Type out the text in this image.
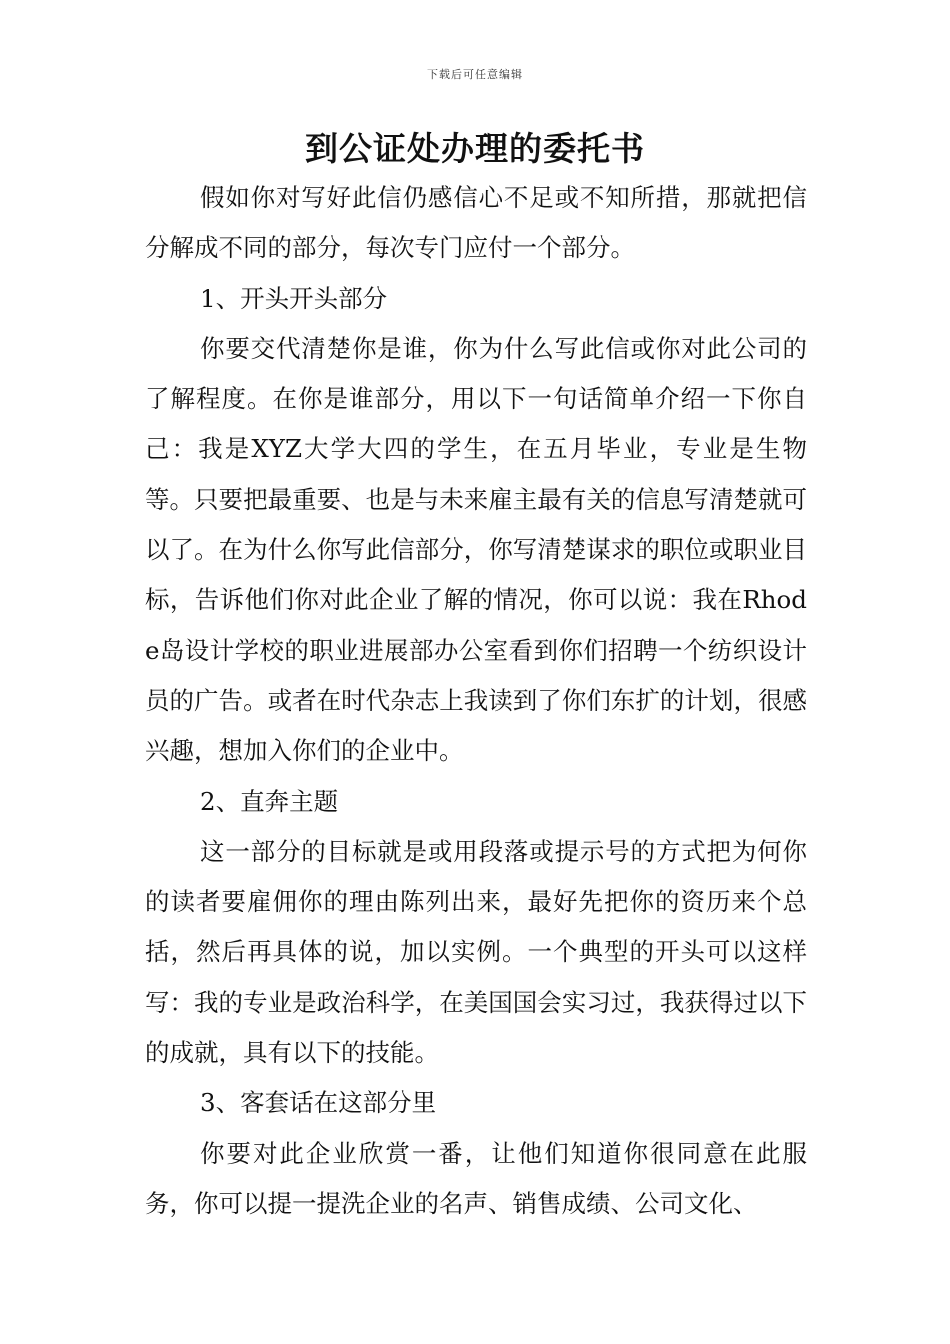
下载后可任意编辑
到公证处办理的委托书

假如你对写好此信仍感信心不足或不知所措，那就把信分解成不同的部分，每次专门应付一个部分。

1、开头开头部分

你要交代清楚你是谁，你为什么写此信或你对此公司的了解程度。在你是谁部分，用以下一句话简单介绍一下你自己：我是XYZ大学大四的学生，在五月毕业，专业是生物等。只要把最重要、也是与未来雇主最有关的信息写清楚就可以了。在为什么你写此信部分，你写清楚谋求的职位或职业目标，告诉他们你对此企业了解的情况，你可以说：我在Rhode岛设计学校的职业进展部办公室看到你们招聘一个纺织设计员的广告。或者在时代杂志上我读到了你们东扩的计划，很感兴趣，想加入你们的企业中。

2、直奔主题

这一部分的目标就是或用段落或提示号的方式把为何你的读者要雇佣你的理由陈列出来，最好先把你的资历来个总括，然后再具体的说，加以实例。一个典型的开头可以这样写：我的专业是政治科学，在美国国会实习过，我获得过以下的成就，具有以下的技能。

3、客套话在这部分里

你要对此企业欣赏一番，让他们知道你很同意在此服务，你可以提一提洗企业的名声、销售成绩、公司文化、
